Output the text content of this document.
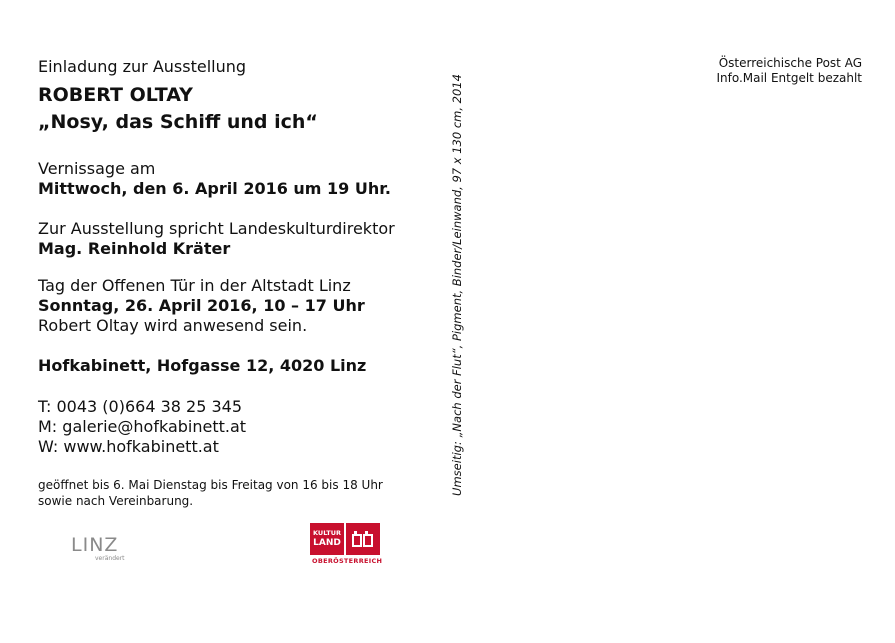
Einladung zur Ausstellung
ROBERT OLTAY
„Nosy, das Schiff und ich“
Vernissage am
Mittwoch, den 6. April 2016 um 19 Uhr.
Zur Ausstellung spricht Landeskulturdirektor
Mag. Reinhold Kräter
Tag der Offenen Tür in der Altstadt Linz
Sonntag, 26. April 2016, 10 – 17 Uhr
Robert Oltay wird anwesend sein.
Hofkabinett, Hofgasse 12, 4020 Linz
T: 0043 (0)664 38 25 345
M: galerie@hofkabinett.at
W: www.hofkabinett.at
geöffnet bis 6. Mai Dienstag bis Freitag von 16 bis 18 Uhr
sowie nach Vereinbarung.
Österreichische Post AG
Info.Mail Entgelt bezahlt
Umseitig: „Nach der Flut“, Pigment, Binder/Leinwand, 97 x 130 cm, 2014
LINZ
verändert
KULTUR
LAND
OBERÖSTERREICH
